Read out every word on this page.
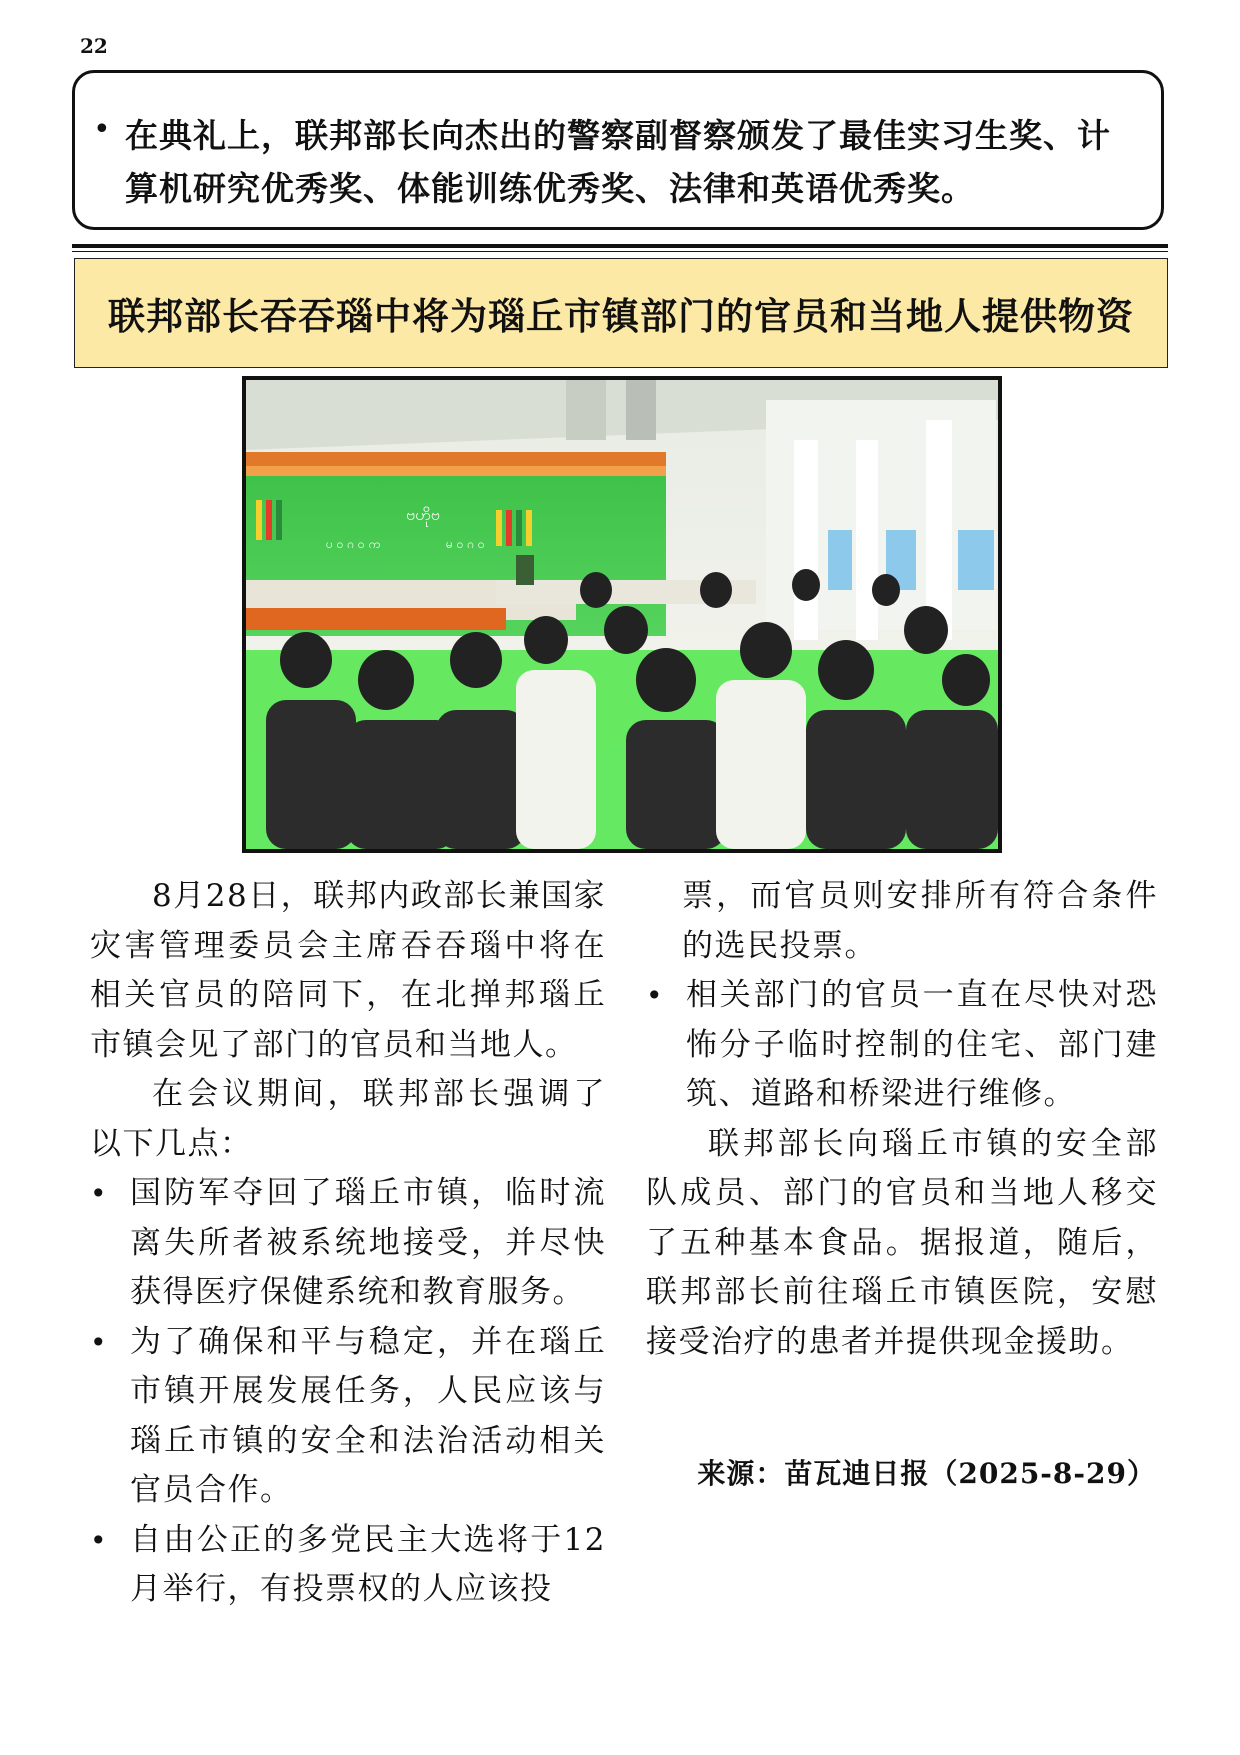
22
• 在典礼上，联邦部长向杰出的警察副督察颁发了最佳实习生奖、计算机研究优秀奖、体能训练优秀奖、法律和英语优秀奖。
联邦部长吞吞瑙中将为瑙丘市镇部门的官员和当地人提供物资
ဗဟိုဗ
ပ ဝ ဂ ဝ က	မ ဝ ဂ ဝ

8月28日，联邦内政部长兼国家灾害管理委员会主席吞吞瑙中将在相关官员的陪同下，在北掸邦瑙丘市镇会见了部门的官员和当地人。

在会议期间，联邦部长强调了以下几点：

• 国防军夺回了瑙丘市镇，临时流离失所者被系统地接受，并尽快获得医疗保健系统和教育服务。
• 为了确保和平与稳定，并在瑙丘市镇开展发展任务，人民应该与瑙丘市镇的安全和法治活动相关官员合作。
• 自由公正的多党民主大选将于12月举行，有投票权的人应该投

票，而官员则安排所有符合条件的选民投票。

• 相关部门的官员一直在尽快对恐怖分子临时控制的住宅、部门建筑、道路和桥梁进行维修。

联邦部长向瑙丘市镇的安全部队成员、部门的官员和当地人移交了五种基本食品。据报道，随后，联邦部长前往瑙丘市镇医院，安慰接受治疗的患者并提供现金援助。

来源：苗瓦迪日报（2025-8-29）
